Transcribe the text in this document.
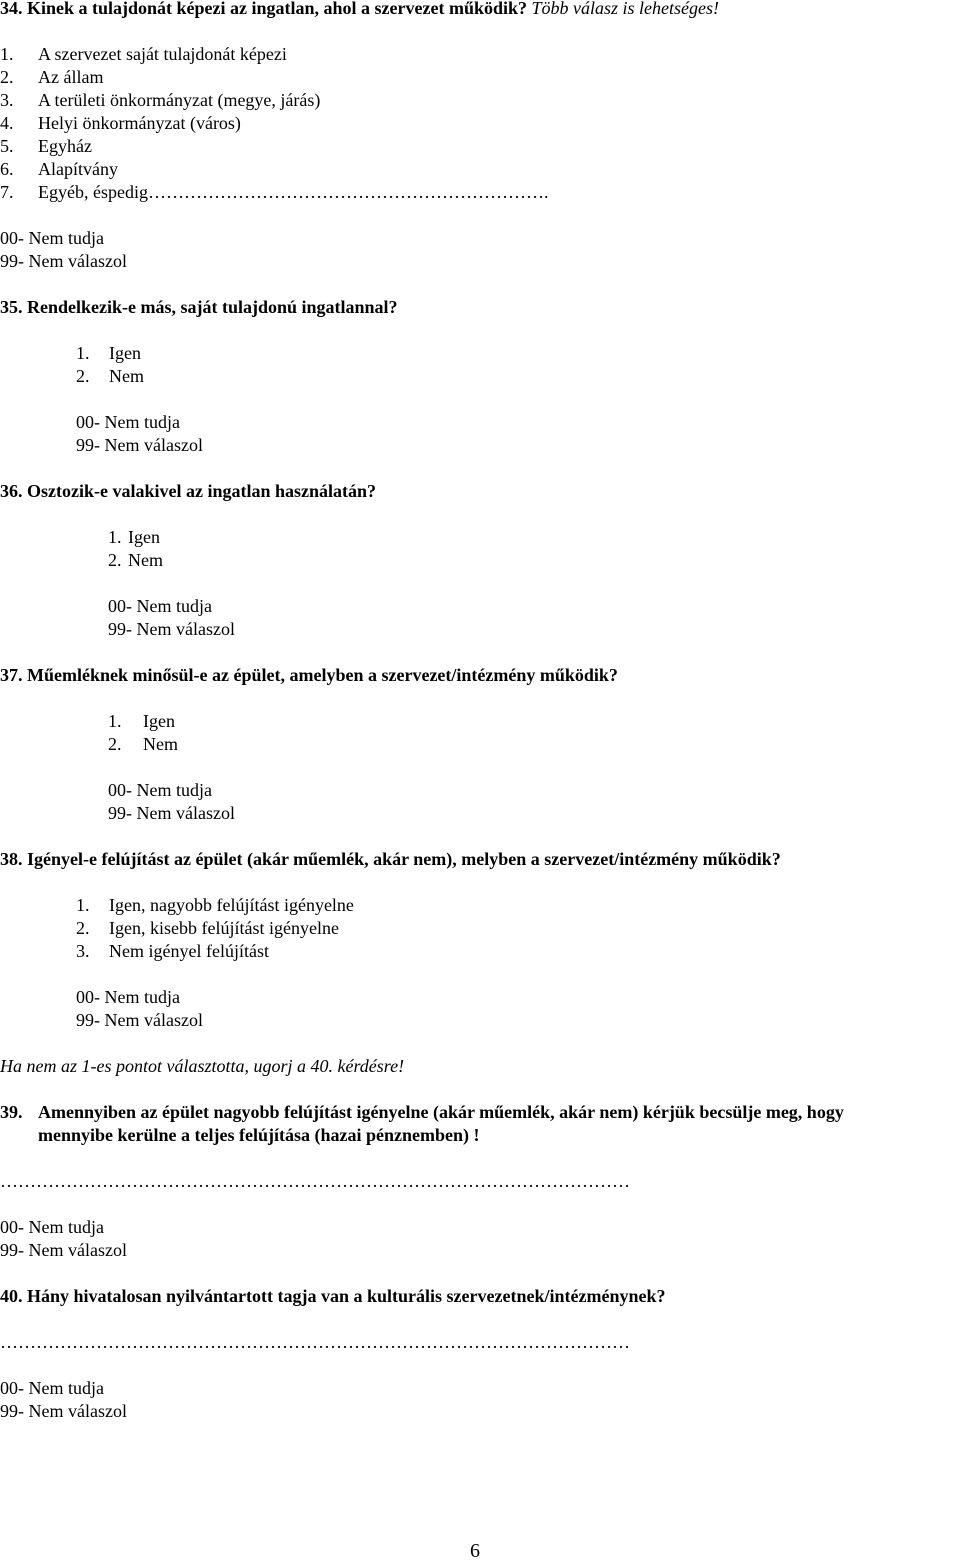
34. Kinek a tulajdonát képezi az ingatlan, ahol a szervezet működik? Több válasz is lehetséges!
1. A szervezet saját tulajdonát képezi
2. Az állam
3. A területi önkormányzat (megye, járás)
4. Helyi önkormányzat (város)
5. Egyház
6. Alapítvány
7. Egyéb, éspedig………………………………………………………….
00- Nem tudja
99- Nem válaszol
35. Rendelkezik-e más, saját tulajdonú ingatlannal?
1. Igen
2. Nem
00- Nem tudja
99- Nem válaszol
36. Osztozik-e valakivel az ingatlan használatán?
1. Igen
2. Nem
00- Nem tudja
99- Nem válaszol
37. Műemléknek minősül-e az épület, amelyben a szervezet/intézmény működik?
1. Igen
2. Nem
00- Nem tudja
99- Nem válaszol
38. Igényel-e felújítást az épület (akár műemlék, akár nem), melyben a szervezet/intézmény működik?
1. Igen, nagyobb felújítást igényelne
2. Igen, kisebb felújítást igényelne
3. Nem igényel felújítást
00- Nem tudja
99- Nem válaszol
Ha nem az 1-es pontot választotta, ugorj a 40. kérdésre!
39. Amennyiben az épület nagyobb felújítást igényelne (akár műemlék, akár nem) kérjük becsülje meg, hogy
mennyibe kerülne a teljes felújítása (hazai pénznemben) !
……………………………………………………………………………………………
00- Nem tudja
99- Nem válaszol
40. Hány hivatalosan nyilvántartott tagja van a kulturális szervezetnek/intézménynek?
……………………………………………………………………………………………
00- Nem tudja
99- Nem válaszol
6
